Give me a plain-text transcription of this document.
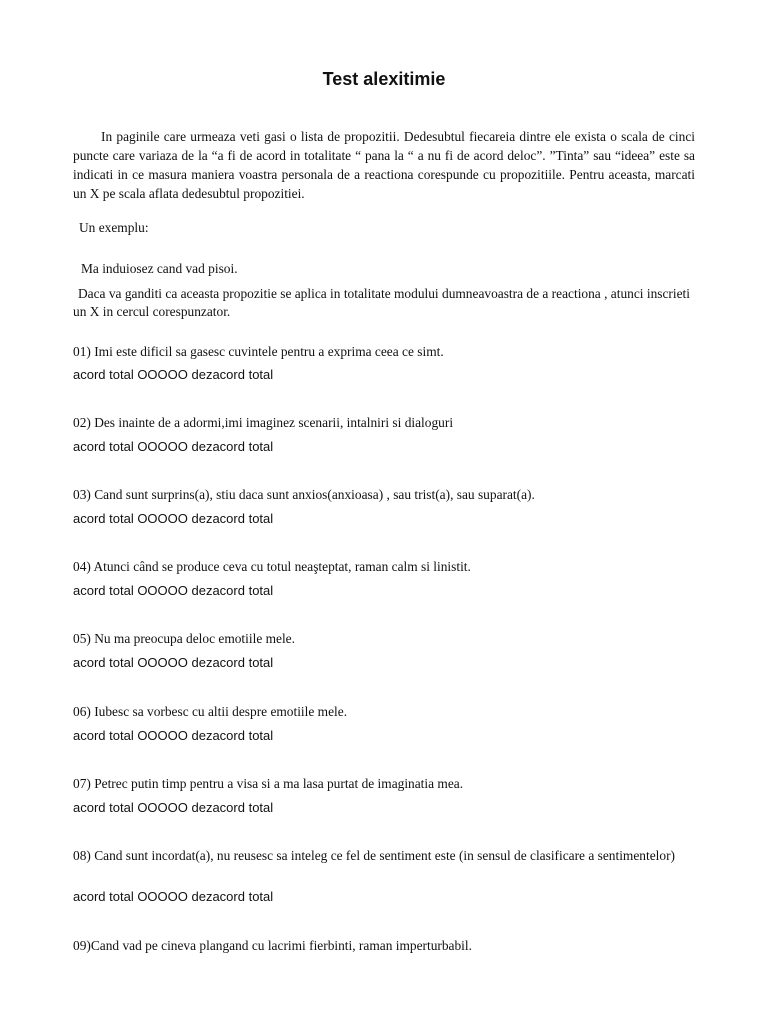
Test alexitimie

In paginile care urmeaza veti gasi o lista de propozitii. Dedesubtul fiecareia dintre ele exista o scala de cinci puncte care variaza de la “a fi de acord in totalitate “ pana la “ a nu fi de acord deloc”. ”Tinta” sau “ideea” este sa indicati in ce masura maniera voastra personala de a reactiona corespunde cu propozitiile. Pentru aceasta, marcati un X pe scala aflata dedesubtul propozitiei.

Un exemplu:

Ma induiosez cand vad pisoi.

Daca va ganditi ca aceasta propozitie se aplica in totalitate modului dumneavoastra de a reactiona , atunci inscrieti un X in cercul corespunzator.

01) Imi este dificil sa gasesc cuvintele pentru a exprima ceea ce simt.

acord total OOOOO dezacord total

02) Des inainte de a adormi,imi imaginez scenarii, intalniri si dialoguri

acord total OOOOO dezacord total

03) Cand sunt surprins(a), stiu daca sunt anxios(anxioasa) , sau trist(a), sau suparat(a).

acord total OOOOO dezacord total

04) Atunci când se produce ceva cu totul neaşteptat, raman calm si linistit.

acord total OOOOO dezacord total

05) Nu ma preocupa deloc emotiile mele.

acord total OOOOO dezacord total

06) Iubesc sa vorbesc cu altii despre emotiile mele.

acord total OOOOO dezacord total

07) Petrec putin timp pentru a visa si a ma lasa purtat de imaginatia mea.

acord total OOOOO dezacord total

08) Cand sunt incordat(a), nu reusesc sa inteleg ce fel de sentiment este (in sensul de clasificare a sentimentelor)

acord total OOOOO dezacord total

09)Cand vad pe cineva plangand cu lacrimi fierbinti, raman imperturbabil.
